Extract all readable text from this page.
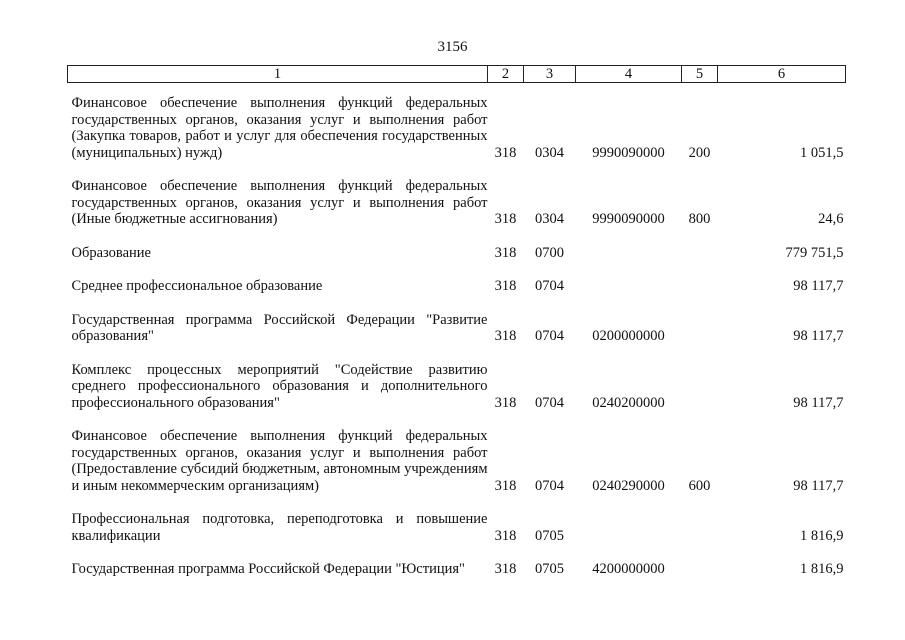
3156
1	2	3	4	5	6

Финансовое обеспечение выполнения функций федеральных государственных органов, оказания услуг и выполнения работ (Закупка товаров, работ и услуг для обеспечения государственных (муниципальных) нужд)	318	0304	9990090000	200	1 051,5

Финансовое обеспечение выполнения функций федеральных государственных органов, оказания услуг и выполнения работ (Иные бюджетные ассигнования)	318	0304	9990090000	800	24,6

Образование	318	0700			779 751,5

Среднее профессиональное образование	318	0704			98 117,7

Государственная программа Российской Федерации "Развитие образования"	318	0704	0200000000		98 117,7

Комплекс процессных мероприятий "Содействие развитию среднего профессионального образования и дополнительного профессионального образования"	318	0704	0240200000		98 117,7

Финансовое обеспечение выполнения функций федеральных государственных органов, оказания услуг и выполнения работ (Предоставление субсидий бюджетным, автономным учреждениям и иным некоммерческим организациям)	318	0704	0240290000	600	98 117,7

Профессиональная подготовка, переподготовка и повышение квалификации	318	0705			1 816,9

Государственная программа Российской Федерации "Юстиция"	318	0705	4200000000		1 816,9
